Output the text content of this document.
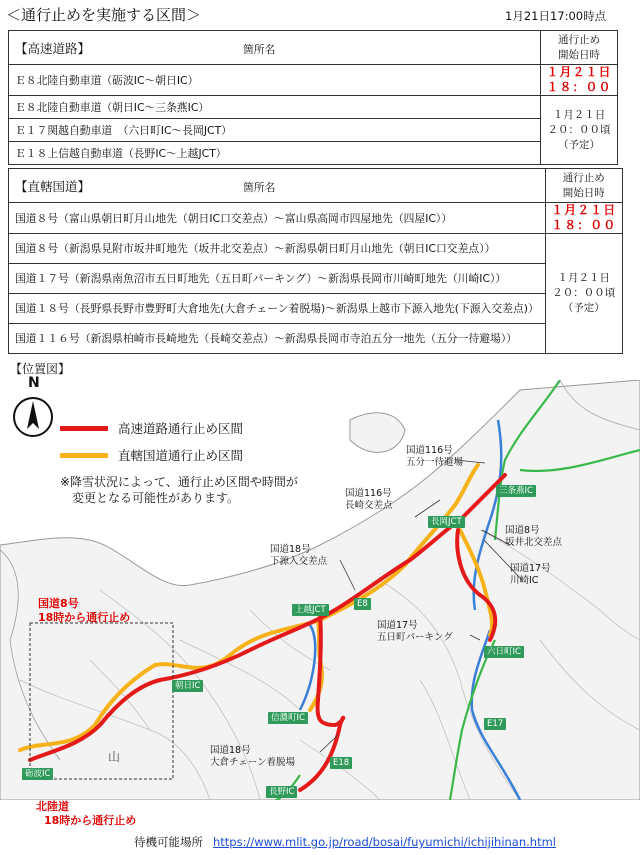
＜通行止めを実施する区間＞	1月21日17:00時点
【高速道路】 箇所名	通行止め
開始日時

Ｅ８北陸自動車道（砺波IC～朝日IC）	１月２１日
１８：００

Ｅ８北陸自動車道（朝日IC～三条燕IC）	１月２１日
２０：００頃
（予定）

Ｅ１７関越自動車道　（六日町IC～長岡JCT）	
Ｅ１８上信越自動車道（長野IC～上越JCT）	
【直轄国道】 箇所名	通行止め
開始日時

国道８号（富山県朝日町月山地先（朝日IC口交差点）～富山県高岡市四屋地先（四屋IC））	１月２１日
１８：００

国道８号（新潟県見附市坂井町地先（坂井北交差点）～新潟県朝日町月山地先（朝日IC口交差点））	１月２１日
２０：００頃
（予定）

国道１７号（新潟県南魚沼市五日町地先（五日町パーキング）～新潟県長岡市川崎町地先（川崎IC））	
国道１８号（長野県長野市豊野町大倉地先(大倉チェーン着脱場)～新潟県上越市下源入地先(下源入交差点)）	
国道１１６号（新潟県柏崎市長崎地先（長崎交差点）～新潟県長岡市寺泊五分一地先（五分一待避場））	
【位置図】
N
高速道路通行止め区間
直轄国道通行止め区間
※降雪状況によって、通行止め区間や時間が
変更となる可能性があります。
国道116号
五分一待避場
国道116号
長崎交差点
国道8号
坂井北交差点
国道17号
川崎IC
国道18号
下源入交差点
国道17号
五日町パーキング
国道18号
大倉チェーン着脱場
山
三条燕IC
長岡JCT
上越JCT
E8
六日町IC
朝日IC
信濃町IC
E18
長野IC
砺波IC
E17
国道8号
18時から通行止め
北陸道
18時から通行止め
待機可能場所 https://www.mlit.go.jp/road/bosai/fuyumichi/ichijihinan.html
